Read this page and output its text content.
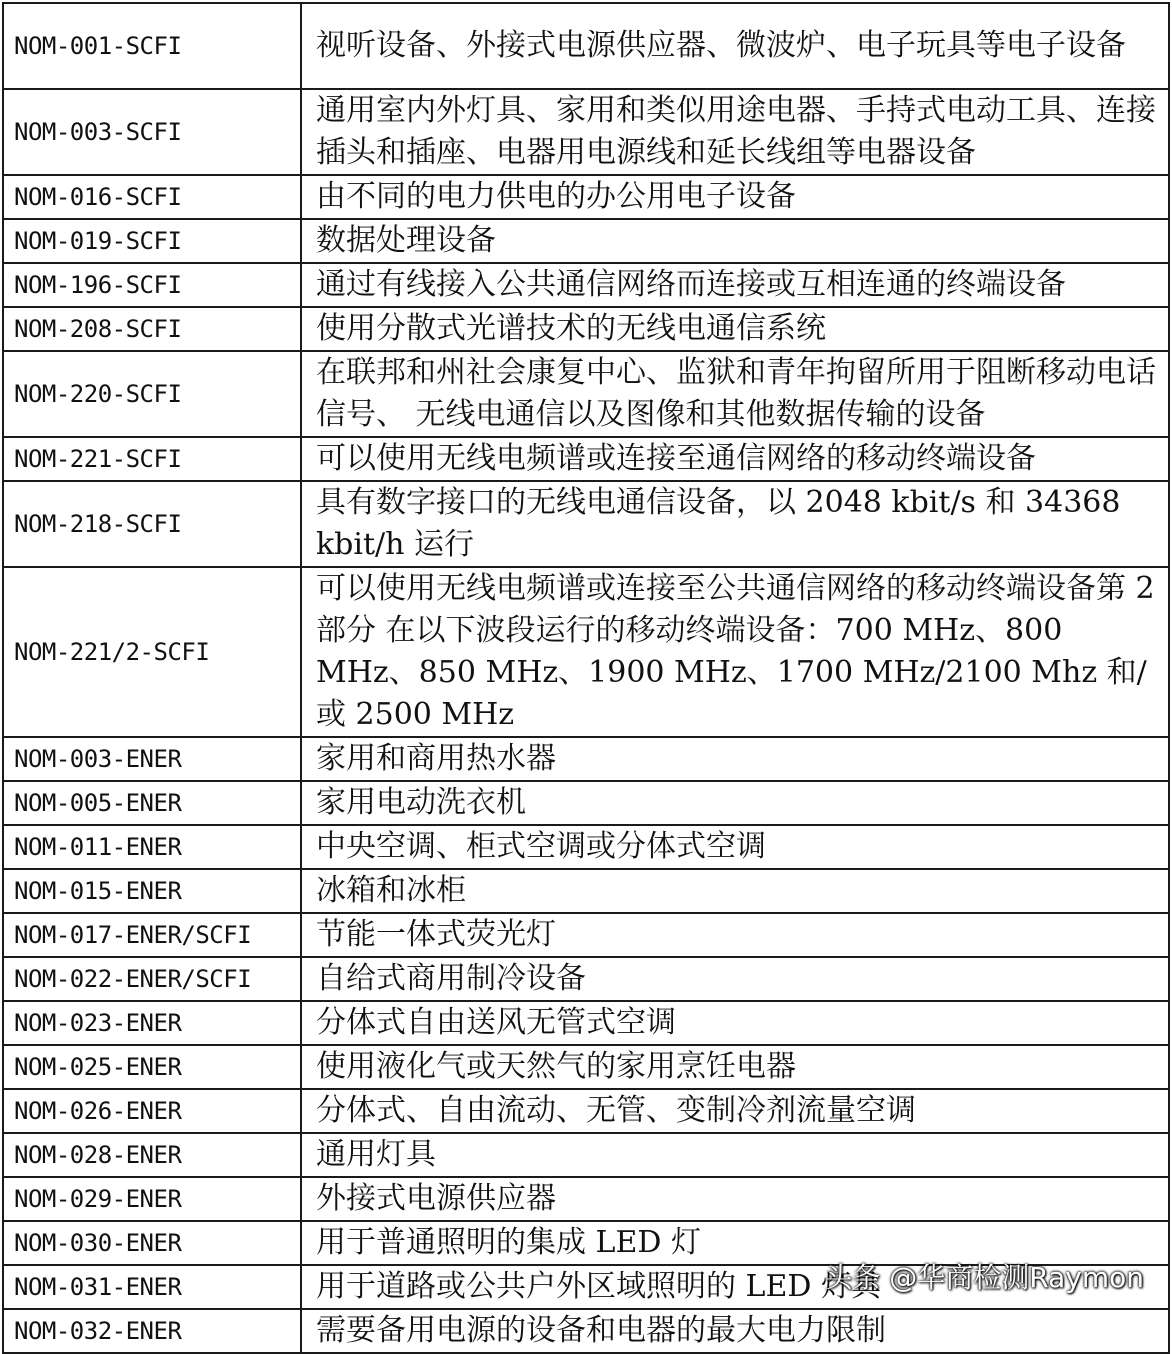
NOM-001-SCFI	视听设备、外接式电源供应器、微波炉、电子玩具等电子设备
NOM-003-SCFI	通用室内外灯具、家用和类似用途电器、手持式电动工具、连接插头和插座、电器用电源线和延长线组等电器设备
NOM-016-SCFI	由不同的电力供电的办公用电子设备
NOM-019-SCFI	数据处理设备
NOM-196-SCFI	通过有线接入公共通信网络而连接或互相连通的终端设备
NOM-208-SCFI	使用分散式光谱技术的无线电通信系统
NOM-220-SCFI	在联邦和州社会康复中心、监狱和青年拘留所用于阻断移动电话信号、 无线电通信以及图像和其他数据传输的设备
NOM-221-SCFI	可以使用无线电频谱或连接至通信网络的移动终端设备
NOM-218-SCFI	具有数字接口的无线电通信设备，以 2048 kbit/s 和 34368 kbit/h 运行
NOM-221/2-SCFI	可以使用无线电频谱或连接至公共通信网络的移动终端设备第 2 部分 在以下波段运行的移动终端设备：700 MHz、800 MHz、850 MHz、1900 MHz、1700 MHz/2100 Mhz 和/或 2500 MHz
NOM-003-ENER	家用和商用热水器
NOM-005-ENER	家用电动洗衣机
NOM-011-ENER	中央空调、柜式空调或分体式空调
NOM-015-ENER	冰箱和冰柜
NOM-017-ENER/SCFI	节能一体式荧光灯
NOM-022-ENER/SCFI	自给式商用制冷设备
NOM-023-ENER	分体式自由送风无管式空调
NOM-025-ENER	使用液化气或天然气的家用烹饪电器
NOM-026-ENER	分体式、自由流动、无管、变制冷剂流量空调
NOM-028-ENER	通用灯具
NOM-029-ENER	外接式电源供应器
NOM-030-ENER	用于普通照明的集成 LED 灯
NOM-031-ENER	用于道路或公共户外区域照明的 LED 灯具
NOM-032-ENER	需要备用电源的设备和电器的最大电力限制
头条 @华商检测Raymon
